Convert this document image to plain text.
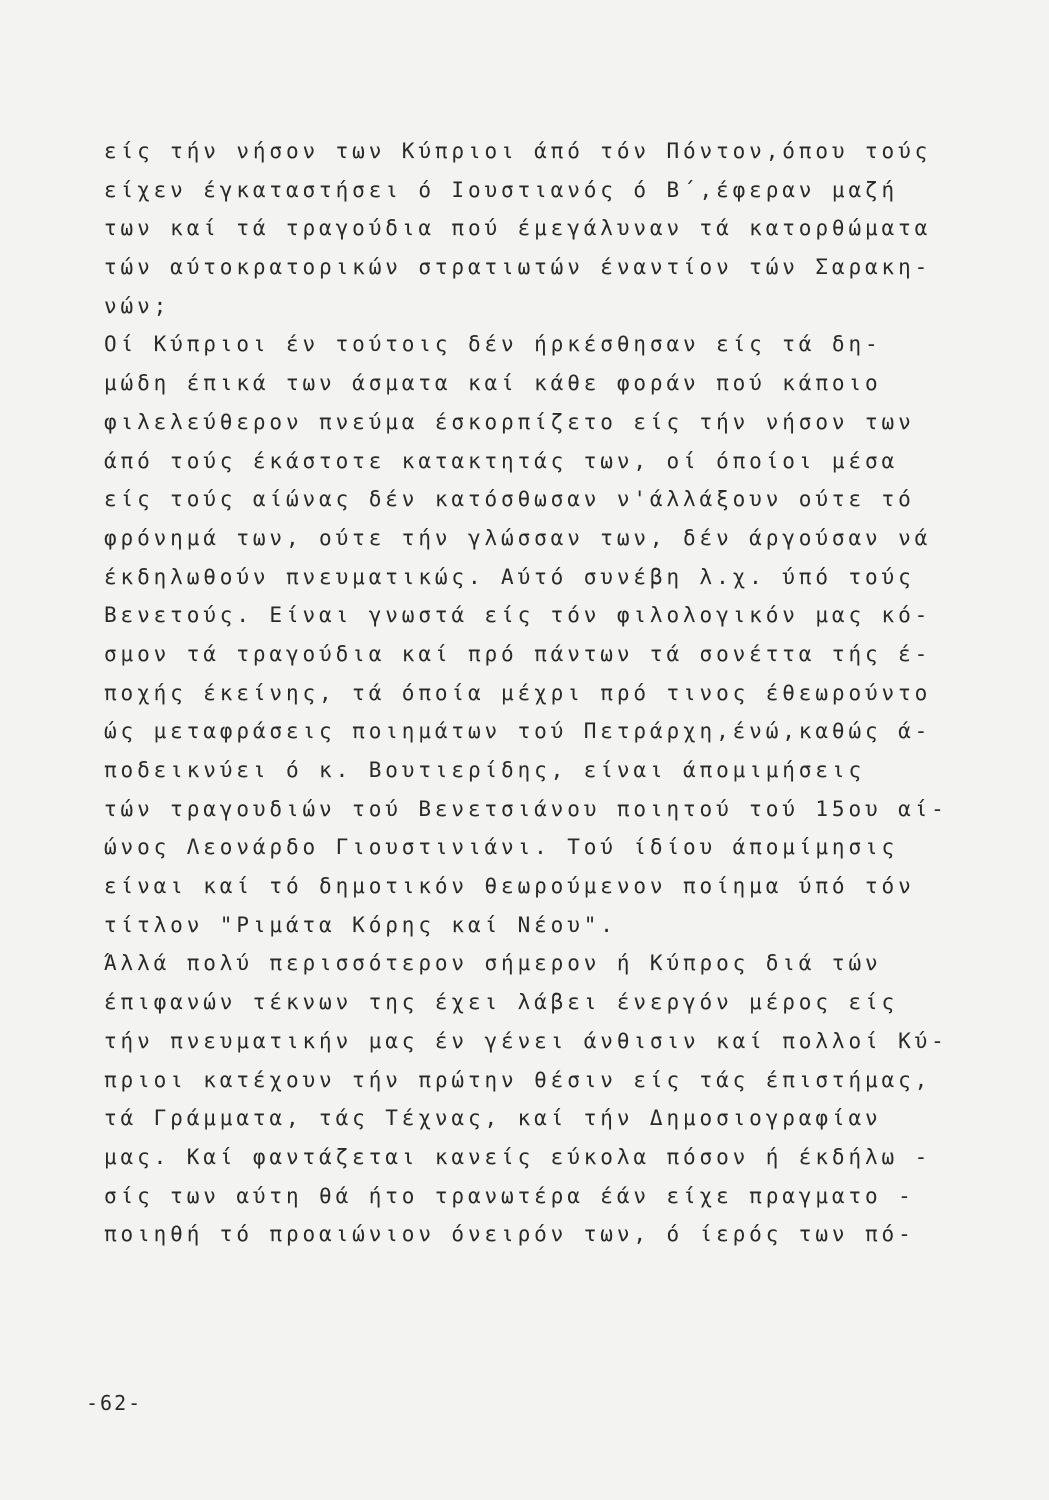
είς τήν νήσον των Κύπριοι άπό τόν Πόντον,όπου τούς
είχεν έγκαταστήσει ό Ιουστιανός ό Β΄,έφεραν μαζή
των καί τά τραγούδια πού έμεγάλυναν τά κατορθώματα
τών αύτοκρατορικών στρατιωτών έναντίον τών Σαρακη-
νών;
Οί Κύπριοι έν τούτοις δέν ήρκέσθησαν είς τά δη-
μώδη έπικά των άσματα καί κάθε φοράν πού κάποιο
φιλελεύθερον πνεύμα έσκορπίζετο είς τήν νήσον των
άπό τούς έκάστοτε κατακτητάς των, οί όποίοι μέσα
είς τούς αίώνας δέν κατόσθωσαν ν'άλλάξουν ούτε τό
φρόνημά των, ούτε τήν γλώσσαν των, δέν άργούσαν νά
έκδηλωθούν πνευματικώς. Αύτό συνέβη λ.χ. ύπό τούς
Βενετούς. Είναι γνωστά είς τόν φιλολογικόν μας κό-
σμον τά τραγούδια καί πρό πάντων τά σονέττα τής έ-
ποχής έκείνης, τά όποία μέχρι πρό τινος έθεωρούντο
ώς μεταφράσεις ποιημάτων τού Πετράρχη,ένώ,καθώς ά-
ποδεικνύει ό κ. Βουτιερίδης, είναι άπομιμήσεις
τών τραγουδιών τού Βενετσιάνου ποιητού τού 15ου αί-
ώνος Λεονάρδο Γιουστινιάνι. Τού ίδίου άπομίμησις
είναι καί τό δημοτικόν θεωρούμενον ποίημα ύπό τόν
τίτλον "Ριμάτα Κόρης καί Νέου".
Άλλά πολύ περισσότερον σήμερον ή Κύπρος διά τών
έπιφανών τέκνων της έχει λάβει ένεργόν μέρος είς
τήν πνευματικήν μας έν γένει άνθισιν καί πολλοί Κύ-
πριοι κατέχουν τήν πρώτην θέσιν είς τάς έπιστήμας,
τά Γράμματα, τάς Τέχνας, καί τήν Δημοσιογραφίαν
μας. Καί φαντάζεται κανείς εύκολα πόσον ή έκδήλω -
σίς των αύτη θά ήτο τρανωτέρα έάν είχε πραγματο -
ποιηθή τό προαιώνιον όνειρόν των, ό ίερός των πό-
-62-
